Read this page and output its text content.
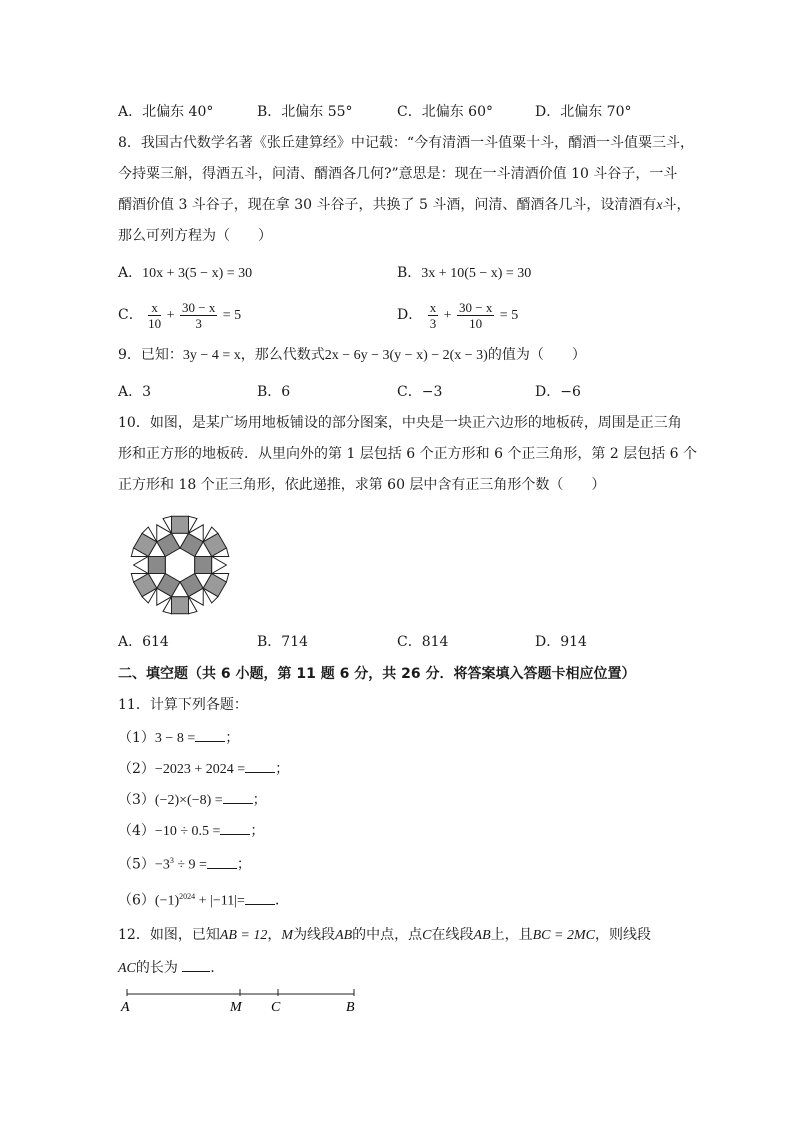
A．北偏东 40°	B．北偏东 55°	C．北偏东 60°	D．北偏东 70°
8．我国古代数学名著《张丘建算经》中记载：“今有清酒一斗值粟十斗，醑酒一斗值粟三斗，
今持粟三斛，得酒五斗，问清、醑酒各几何?”意思是：现在一斗清酒价值 10 斗谷子，一斗
醑酒价值 3 斗谷子，现在拿 30 斗谷子，共换了 5 斗酒，问清、醑酒各几斗，设清酒有x斗，
那么可列方程为（　　）
A．10x + 3(5 − x) = 30	B．3x + 10(5 − x) = 30
C． $\frac{x}{10} + \frac{30 - x}{3} = 5$	D． $\frac{x}{3} + \frac{30 - x}{10} = 5$
9．已知：3y − 4 = x，那么代数式2x − 6y − 3(y − x) − 2(x − 3)的值为（　　）
A．3	B．6	C．−3	D．−6
10．如图，是某广场用地板铺设的部分图案，中央是一块正六边形的地板砖，周围是正三角
形和正方形的地板砖．从里向外的第 1 层包括 6 个正方形和 6 个正三角形，第 2 层包括 6 个
正方形和 18 个正三角形，依此递推，求第 60 层中含有正三角形个数（　　）
A．614	B．714	C．814	D．914
二、填空题（共 6 小题，第 11 题 6 分，共 26 分．将答案填入答题卡相应位置）
11．计算下列各题：
（1）3 − 8 = ；
（2）−2023 + 2024 = ；
（3）(−2)×(−8) = ；
（4）−10 ÷ 0.5 = ；
$(5)-3^3 \div 9$ = ；
$(6)(-1)^{2024} + |-11|=$ ．
12．如图，已知AB = 12，M为线段AB的中点，点C在线段AB上，且BC = 2MC，则线段
AC的长为 ．
A	M C	B
